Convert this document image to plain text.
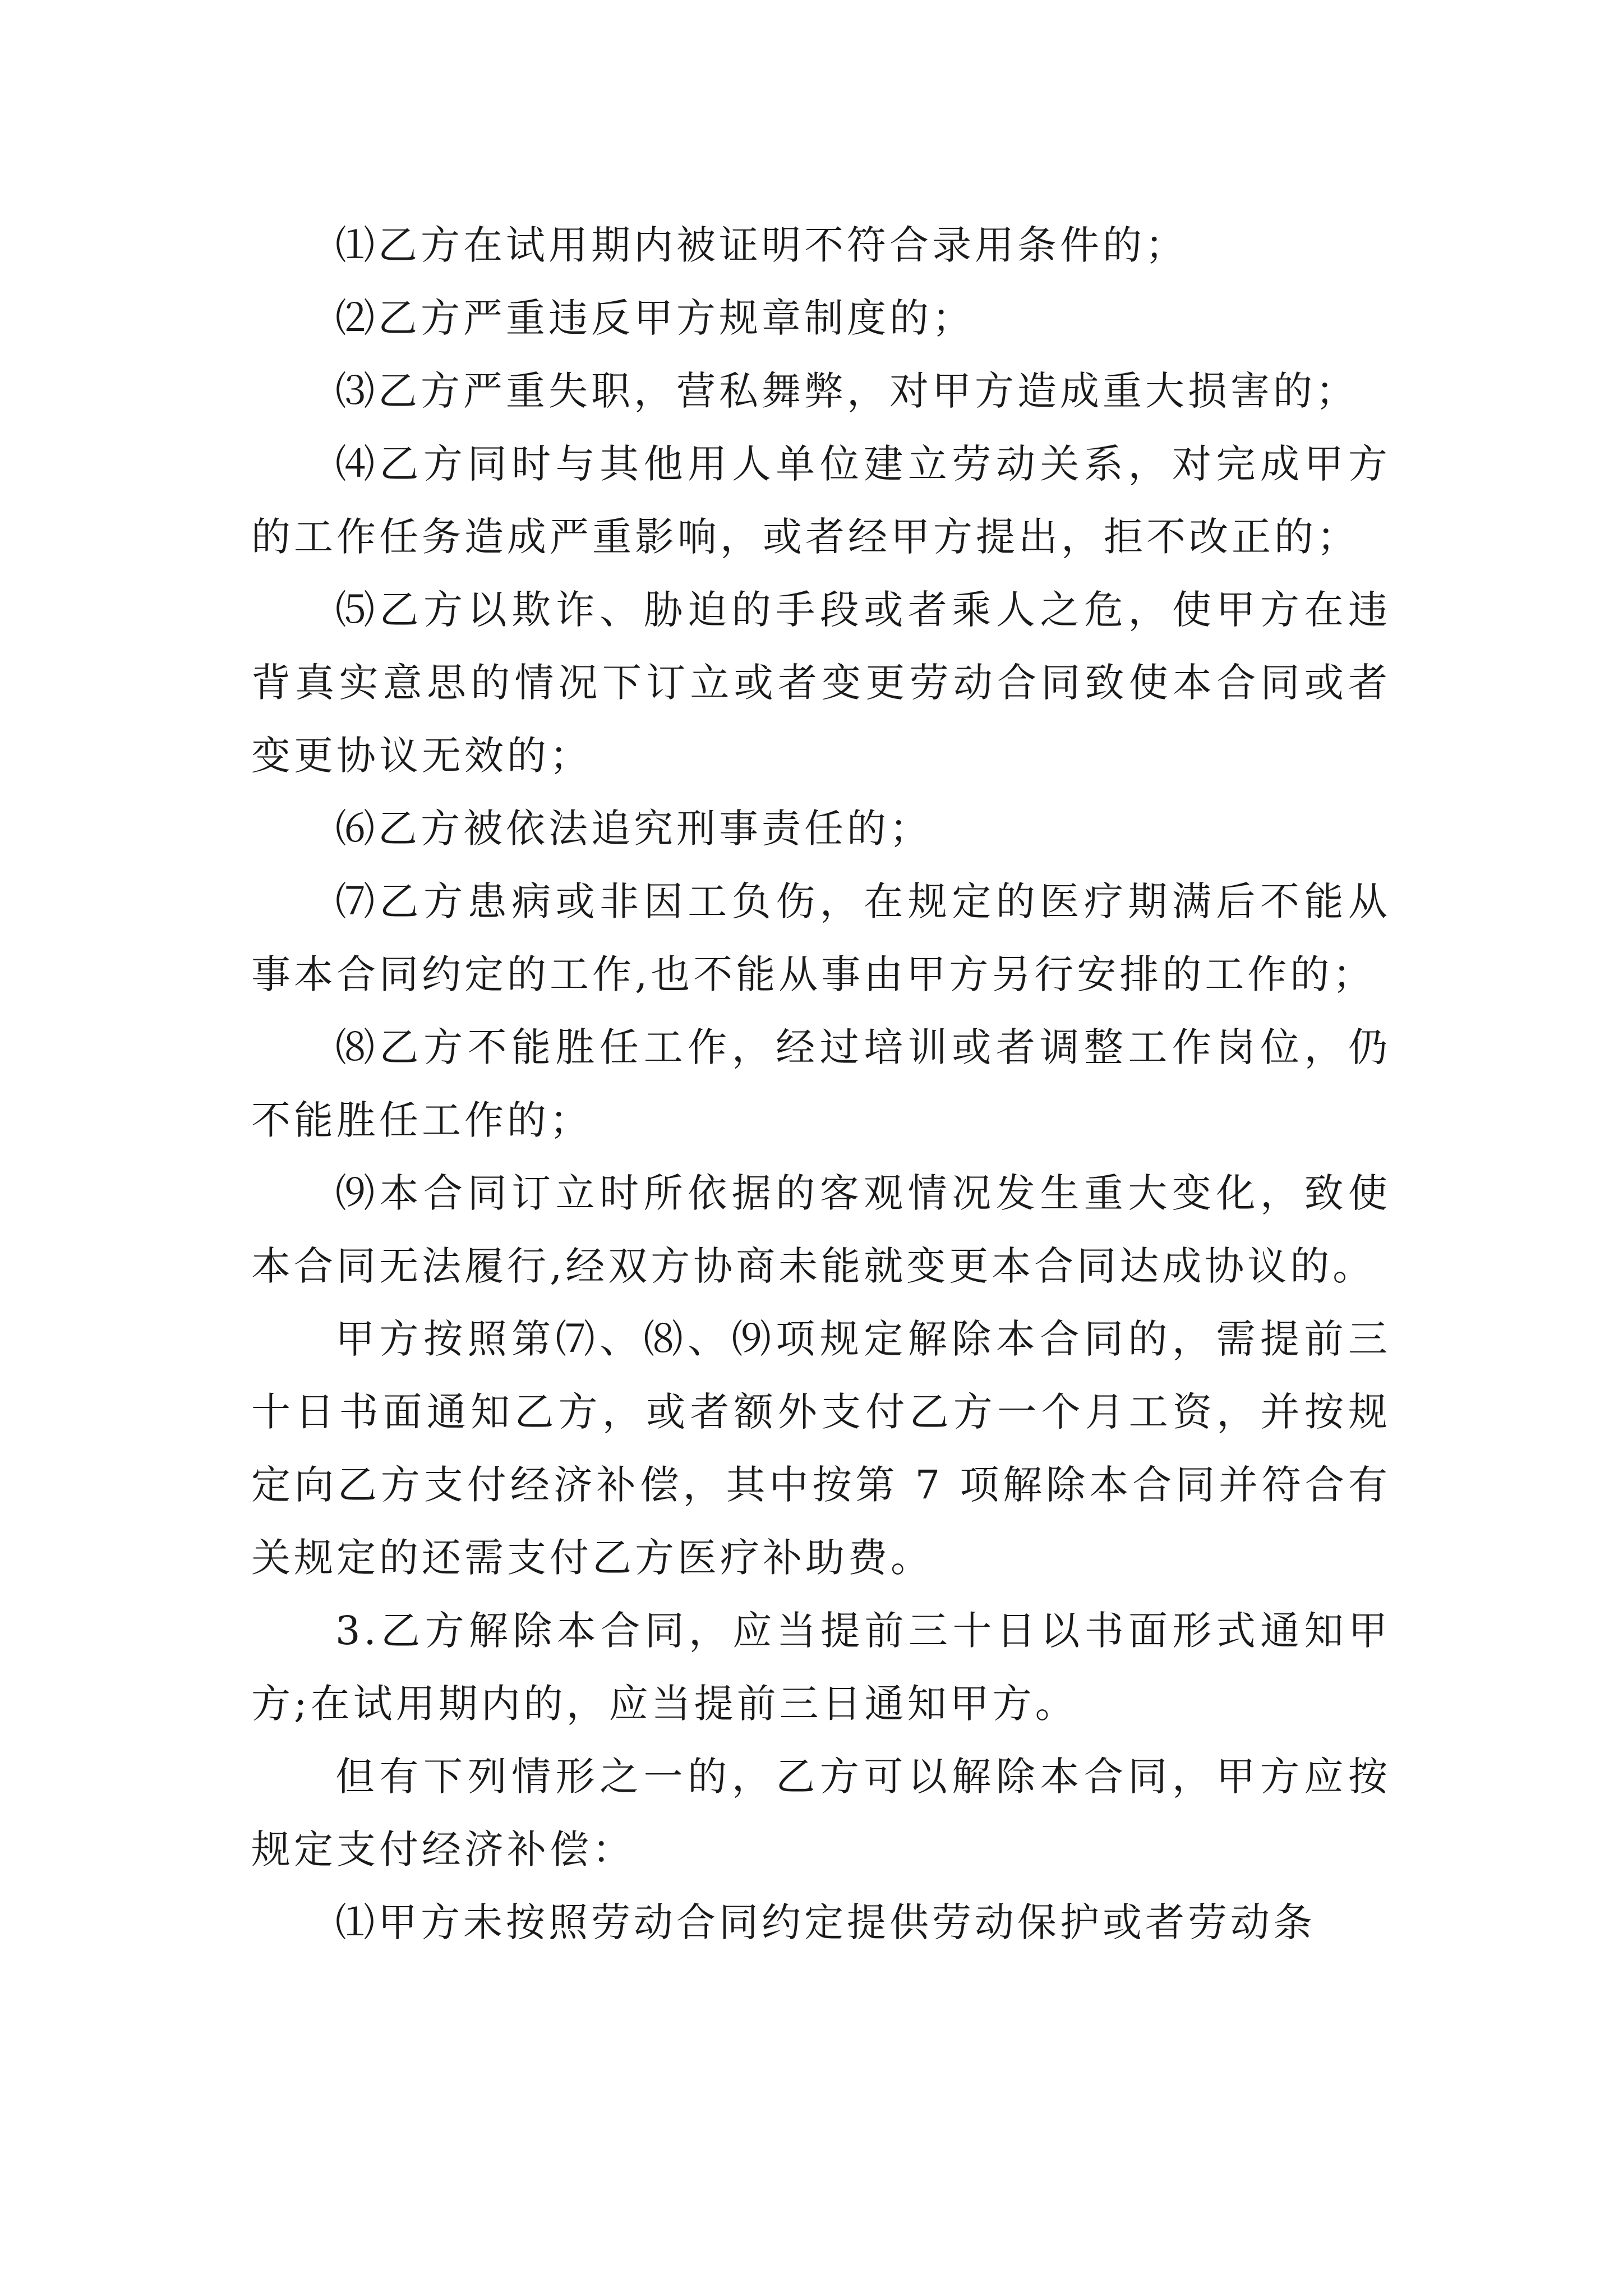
⑴乙方在试用期内被证明不符合录用条件的；

⑵乙方严重违反甲方规章制度的；

⑶乙方严重失职，营私舞弊，对甲方造成重大损害的；

⑷乙方同时与其他用人单位建立劳动关系，对完成甲方的工作任务造成严重影响，或者经甲方提出，拒不改正的；

⑸乙方以欺诈、胁迫的手段或者乘人之危，使甲方在违背真实意思的情况下订立或者变更劳动合同致使本合同或者变更协议无效的；

⑹乙方被依法追究刑事责任的；

⑺乙方患病或非因工负伤，在规定的医疗期满后不能从事本合同约定的工作,也不能从事由甲方另行安排的工作的；

⑻乙方不能胜任工作，经过培训或者调整工作岗位，仍不能胜任工作的；

⑼本合同订立时所依据的客观情况发生重大变化，致使本合同无法履行,经双方协商未能就变更本合同达成协议的。

甲方按照第⑺、⑻、⑼项规定解除本合同的，需提前三十日书面通知乙方，或者额外支付乙方一个月工资，并按规定向乙方支付经济补偿，其中按第 7 项解除本合同并符合有关规定的还需支付乙方医疗补助费。

3.乙方解除本合同，应当提前三十日以书面形式通知甲方;在试用期内的，应当提前三日通知甲方。

但有下列情形之一的，乙方可以解除本合同，甲方应按规定支付经济补偿：

⑴甲方未按照劳动合同约定提供劳动保护或者劳动条
